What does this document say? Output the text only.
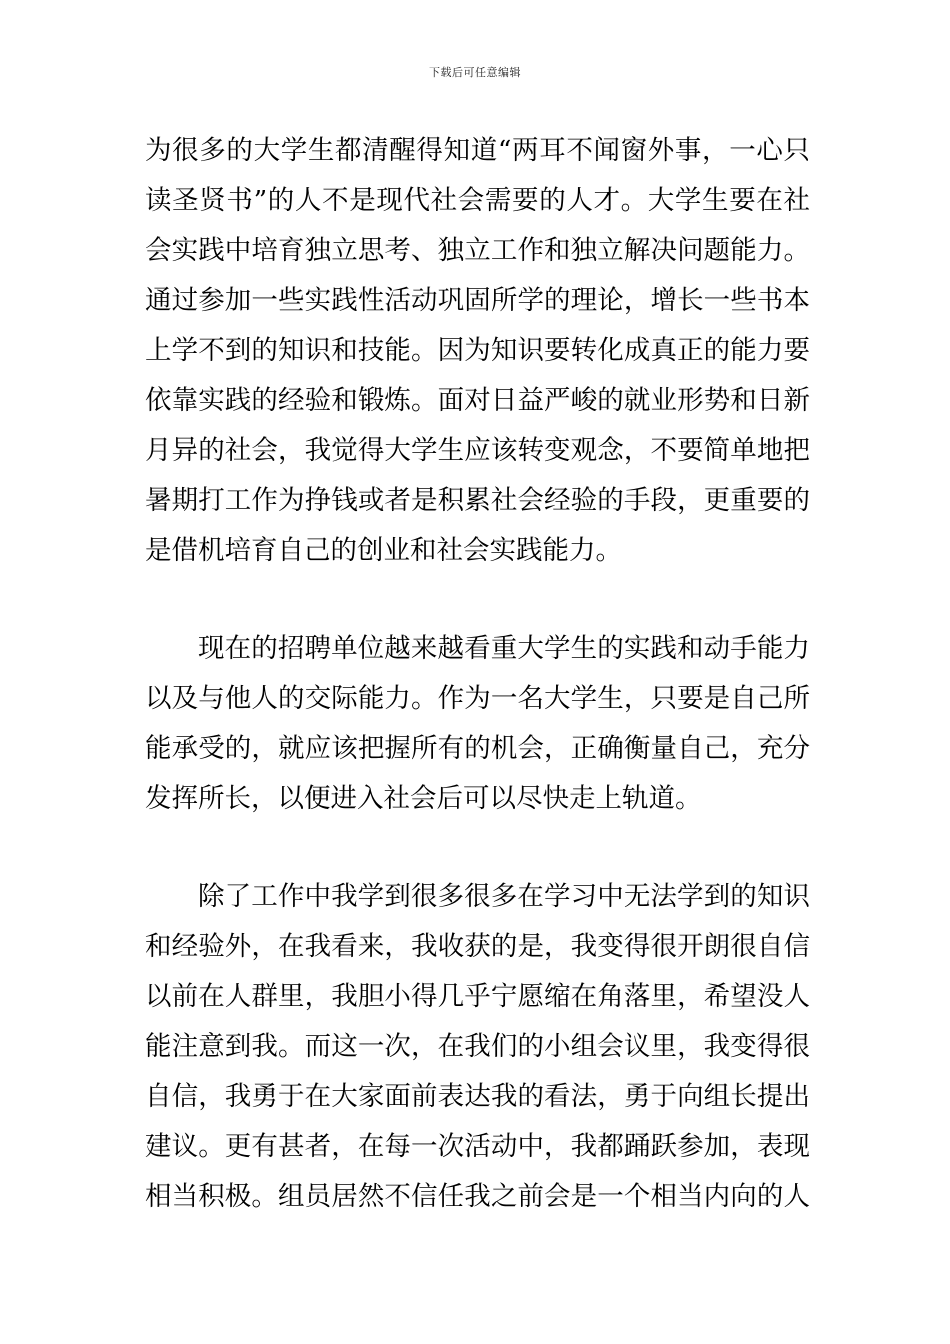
下载后可任意编辑
为很多的大学生都清醒得知道“两耳不闻窗外事，一心只
读圣贤书”的人不是现代社会需要的人才。大学生要在社
会实践中培育独立思考、独立工作和独立解决问题能力。
通过参加一些实践性活动巩固所学的理论，增长一些书本
上学不到的知识和技能。因为知识要转化成真正的能力要
依靠实践的经验和锻炼。面对日益严峻的就业形势和日新
月异的社会，我觉得大学生应该转变观念，不要简单地把
暑期打工作为挣钱或者是积累社会经验的手段，更重要的
是借机培育自己的创业和社会实践能力。
现在的招聘单位越来越看重大学生的实践和动手能力
以及与他人的交际能力。作为一名大学生，只要是自己所
能承受的，就应该把握所有的机会，正确衡量自己，充分
发挥所长，以便进入社会后可以尽快走上轨道。
除了工作中我学到很多很多在学习中无法学到的知识
和经验外，在我看来，我收获的是，我变得很开朗很自信
以前在人群里，我胆小得几乎宁愿缩在角落里，希望没人
能注意到我。而这一次，在我们的小组会议里，我变得很
自信，我勇于在大家面前表达我的看法，勇于向组长提出
建议。更有甚者，在每一次活动中，我都踊跃参加，表现
相当积极。组员居然不信任我之前会是一个相当内向的人
